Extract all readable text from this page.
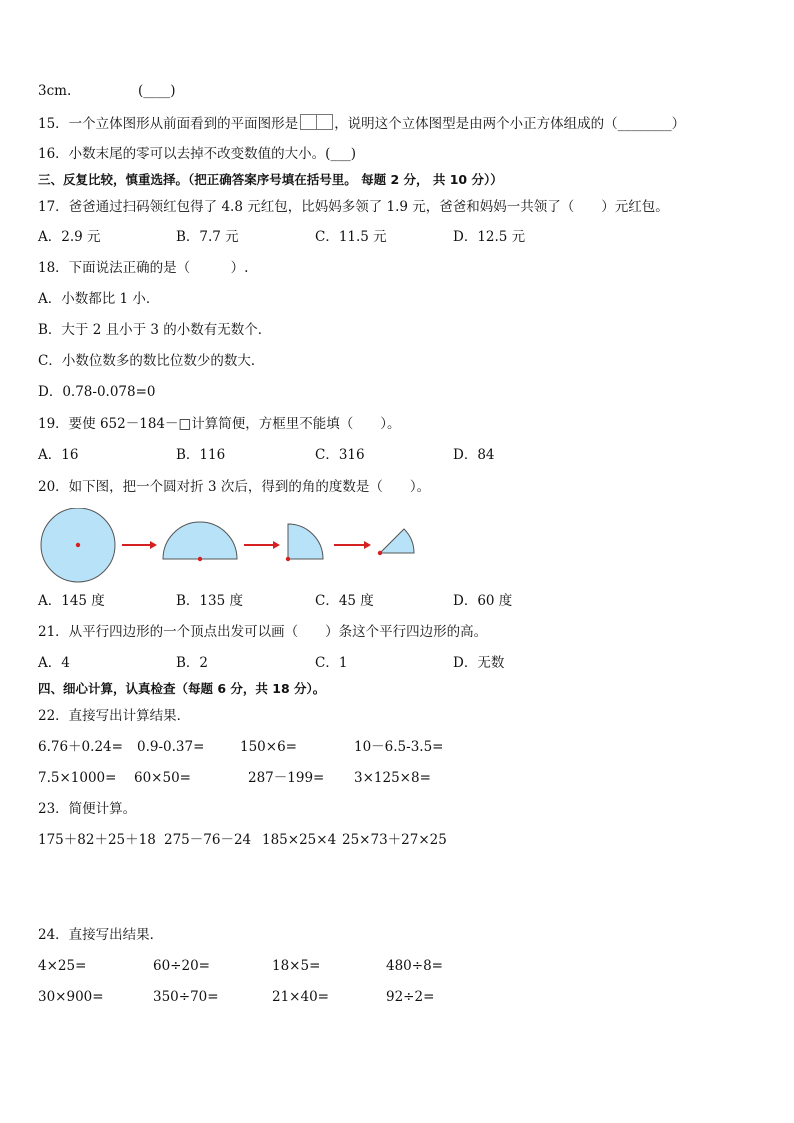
3cm.	(____)
15．一个立体图形从前面看到的平面图形是	，说明这个立体图型是由两个小正方体组成的（________）
16．小数末尾的零可以去掉不改变数值的大小。(___)
三、反复比较，慎重选择。（把正确答案序号填在括号里。 每题 2 分， 共 10 分））
17．爸爸通过扫码领红包得了 4.8 元红包，比妈妈多领了 1.9 元，爸爸和妈妈一共领了（　　）元红包。
A．2.9 元	B．7.7 元	C．11.5 元	D．12.5 元
18．下面说法正确的是（　　　）.
A．小数都比 1 小．
B．大于 2 且小于 3 的小数有无数个．
C．小数位数多的数比位数少的数大．
D．0.78-0.078=0
19．要使 652－184－□计算简便，方框里不能填（　　）。
A．16	B．116	C．316	D．84
20．如下图，把一个圆对折 3 次后，得到的角的度数是（　　）。
A．145 度	B．135 度	C．45 度	D．60 度
21．从平行四边形的一个顶点出发可以画（　　）条这个平行四边形的高。
A．4	B．2	C．1	D．无数
四、细心计算，认真检查（每题 6 分，共 18 分）。
22．直接写出计算结果．
6.76＋0.24= 0.9-0.37=	150×6=	10－6.5-3.5=
7.5×1000= 60×50=	287－199= 3×125×8=
23．简便计算。
175＋82＋25＋18 275－76－24 185×25×4 25×73＋27×25
24．直接写出结果．
4×25=	60÷20=	18×5=	480÷8=
30×900=	350÷70=	21×40=	92÷2=
